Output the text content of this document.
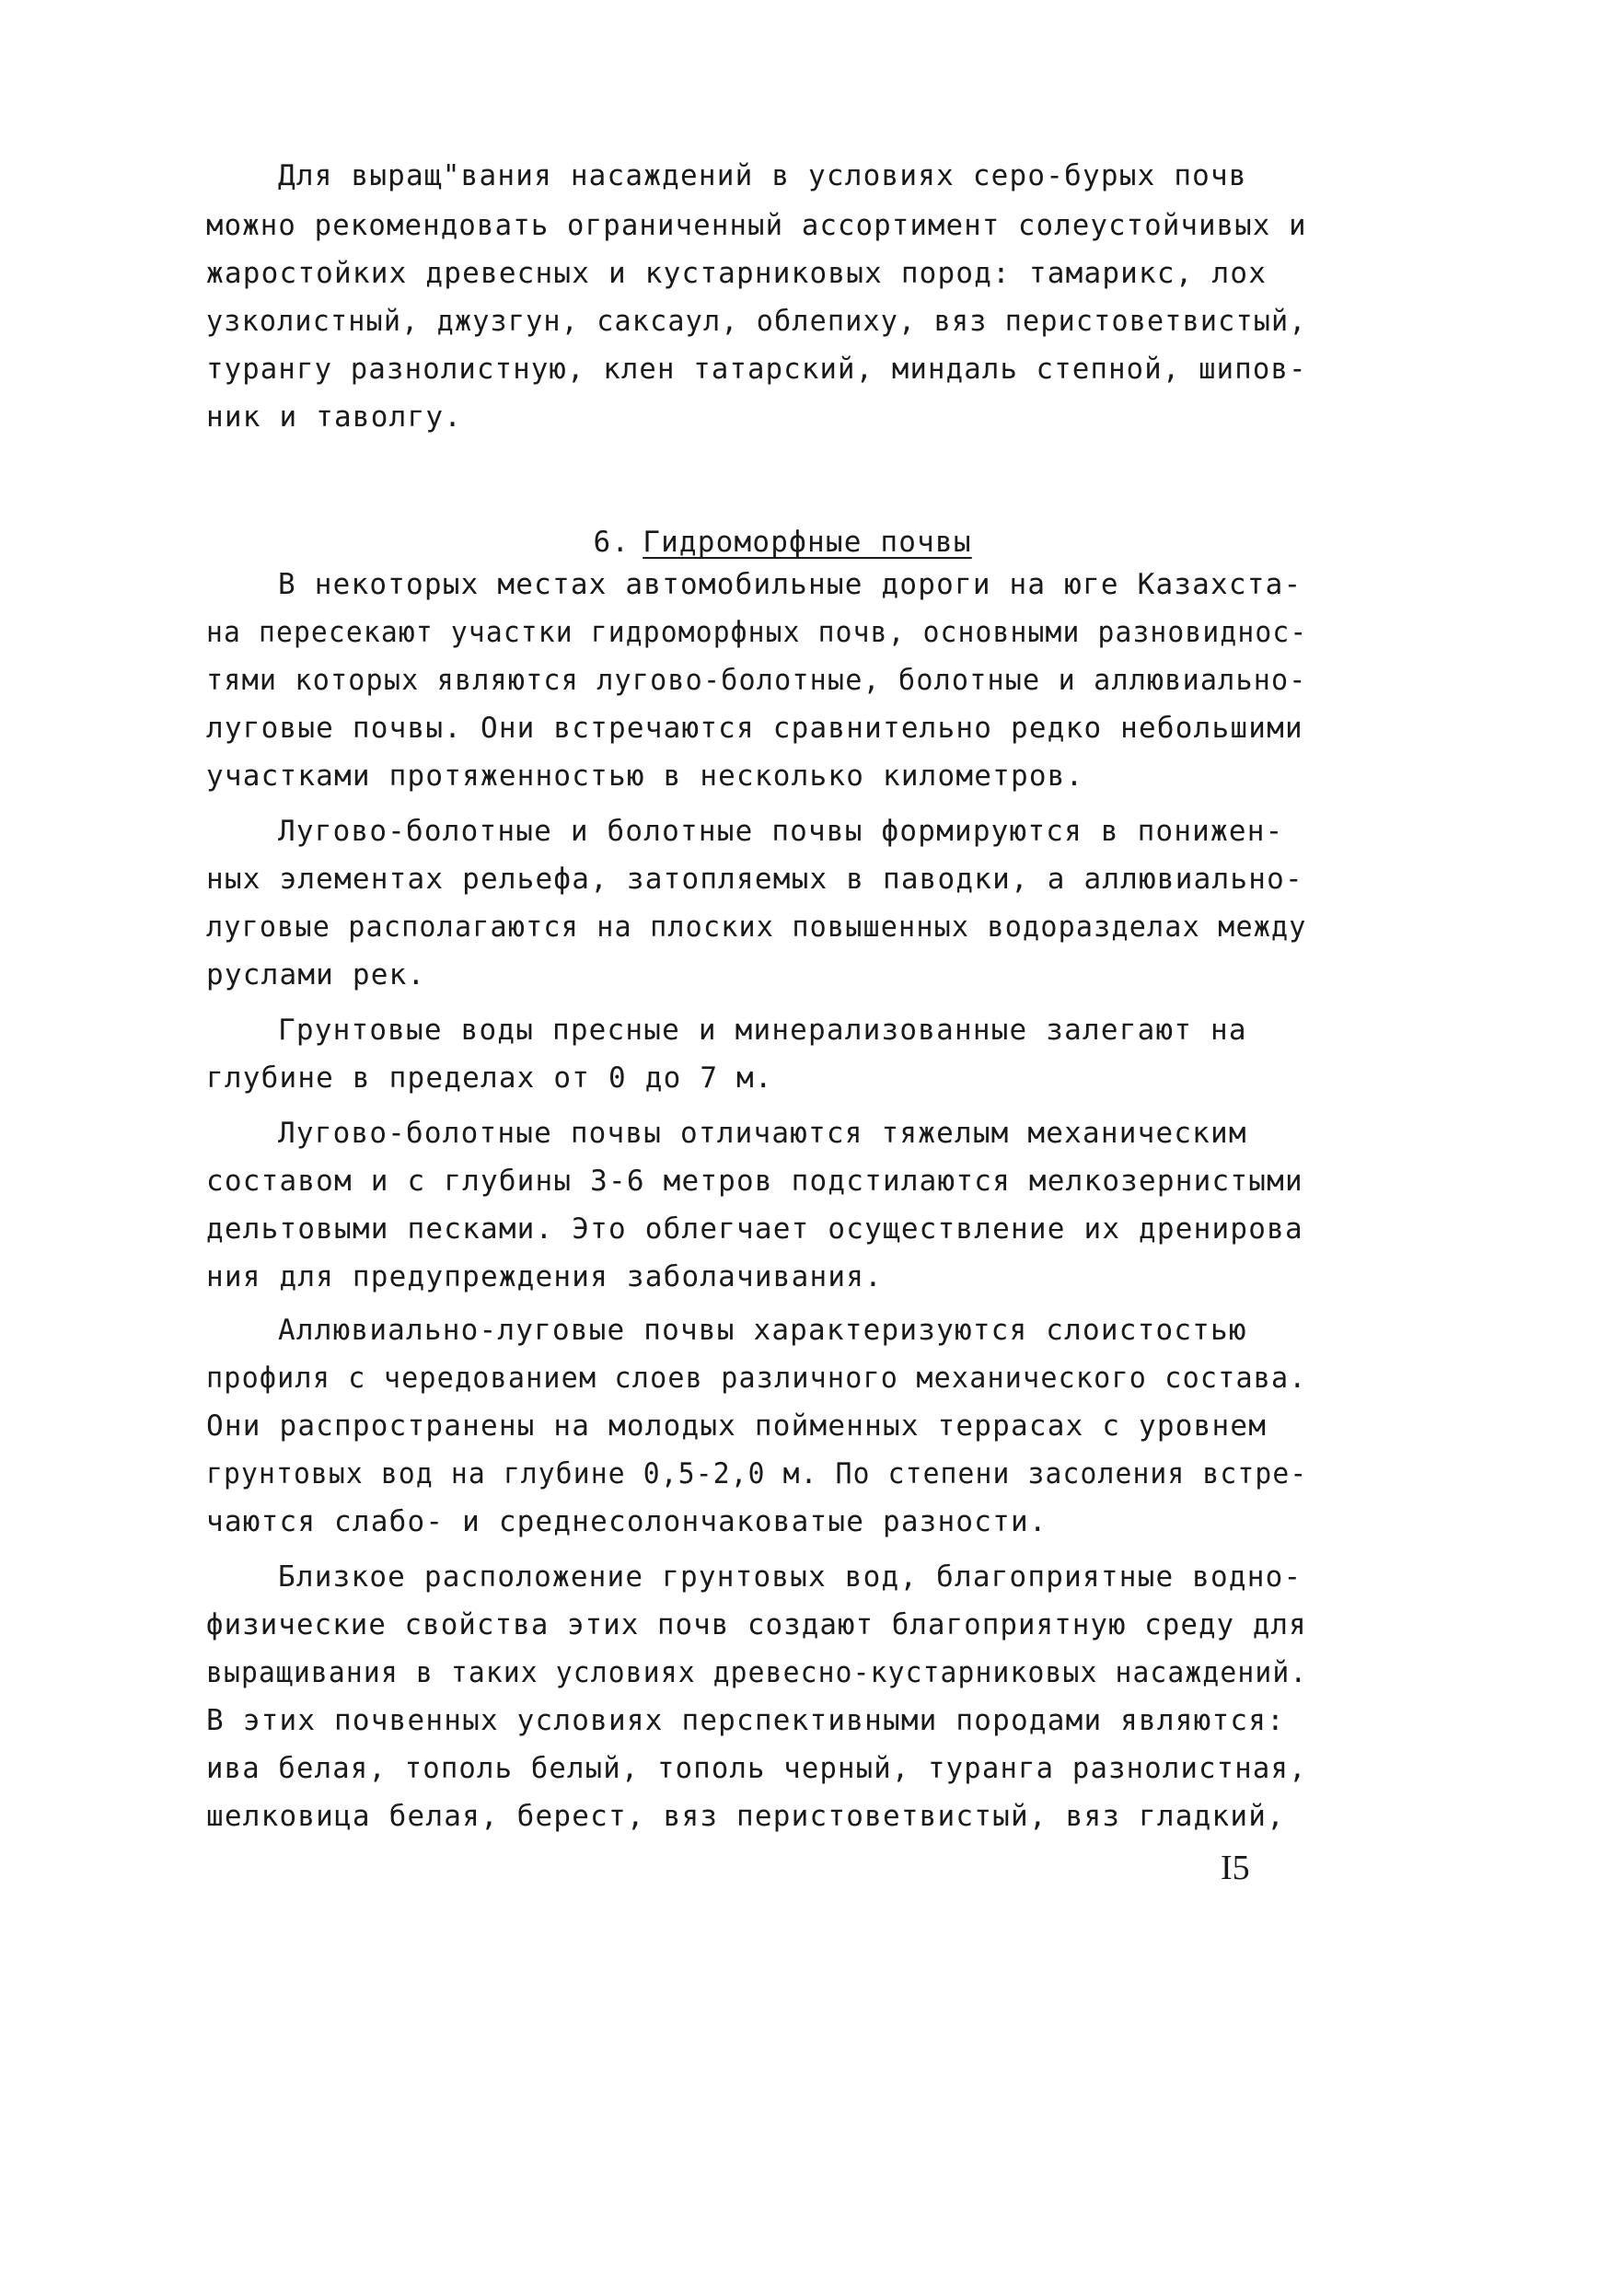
Для выращ"вания насаждений в условиях серо-бурых почв
можно рекомендовать ограниченный ассортимент солеустойчивых и
жаростойких древесных и кустарниковых пород: тамарикс, лох
узколистный, джузгун, саксаул, облепиху, вяз перистоветвистый,
турангу разнолистную, клен татарский, миндаль степной, шипов-
ник и таволгу.

6. Гидроморфные почвы

В некоторых местах автомобильные дороги на юге Казахста-
на пересекают участки гидроморфных почв, основными разновиднос-
тями которых являются лугово-болотные, болотные и аллювиально-
луговые почвы. Они встречаются сравнительно редко небольшими
участками протяженностью в несколько километров.
Лугово-болотные и болотные почвы формируются в понижен-
ных элементах рельефа, затопляемых в паводки, а аллювиально-
луговые располагаются на плоских повышенных водоразделах между
руслами рек.
Грунтовые воды пресные и минерализованные залегают на
глубине в пределах от 0 до 7 м.
Лугово-болотные почвы отличаются тяжелым механическим
составом и с глубины 3-6 метров подстилаются мелкозернистыми
дельтовыми песками. Это облегчает осуществление их дренирова
ния для предупреждения заболачивания.
Аллювиально-луговые почвы характеризуются слоистостью
профиля с чередованием слоев различного механического состава.
Они распространены на молодых пойменных террасах с уровнем
грунтовых вод на глубине 0,5-2,0 м. По степени засоления встре-
чаются слабо- и среднесолончаковатые разности.
Близкое расположение грунтовых вод, благоприятные водно-
физические свойства этих почв создают благоприятную среду для
выращивания в таких условиях древесно-кустарниковых насаждений.
В этих почвенных условиях перспективными породами являются:
ива белая, тополь белый, тополь черный, туранга разнолистная,
шелковица белая, берест, вяз перистоветвистый, вяз гладкий,
I5
